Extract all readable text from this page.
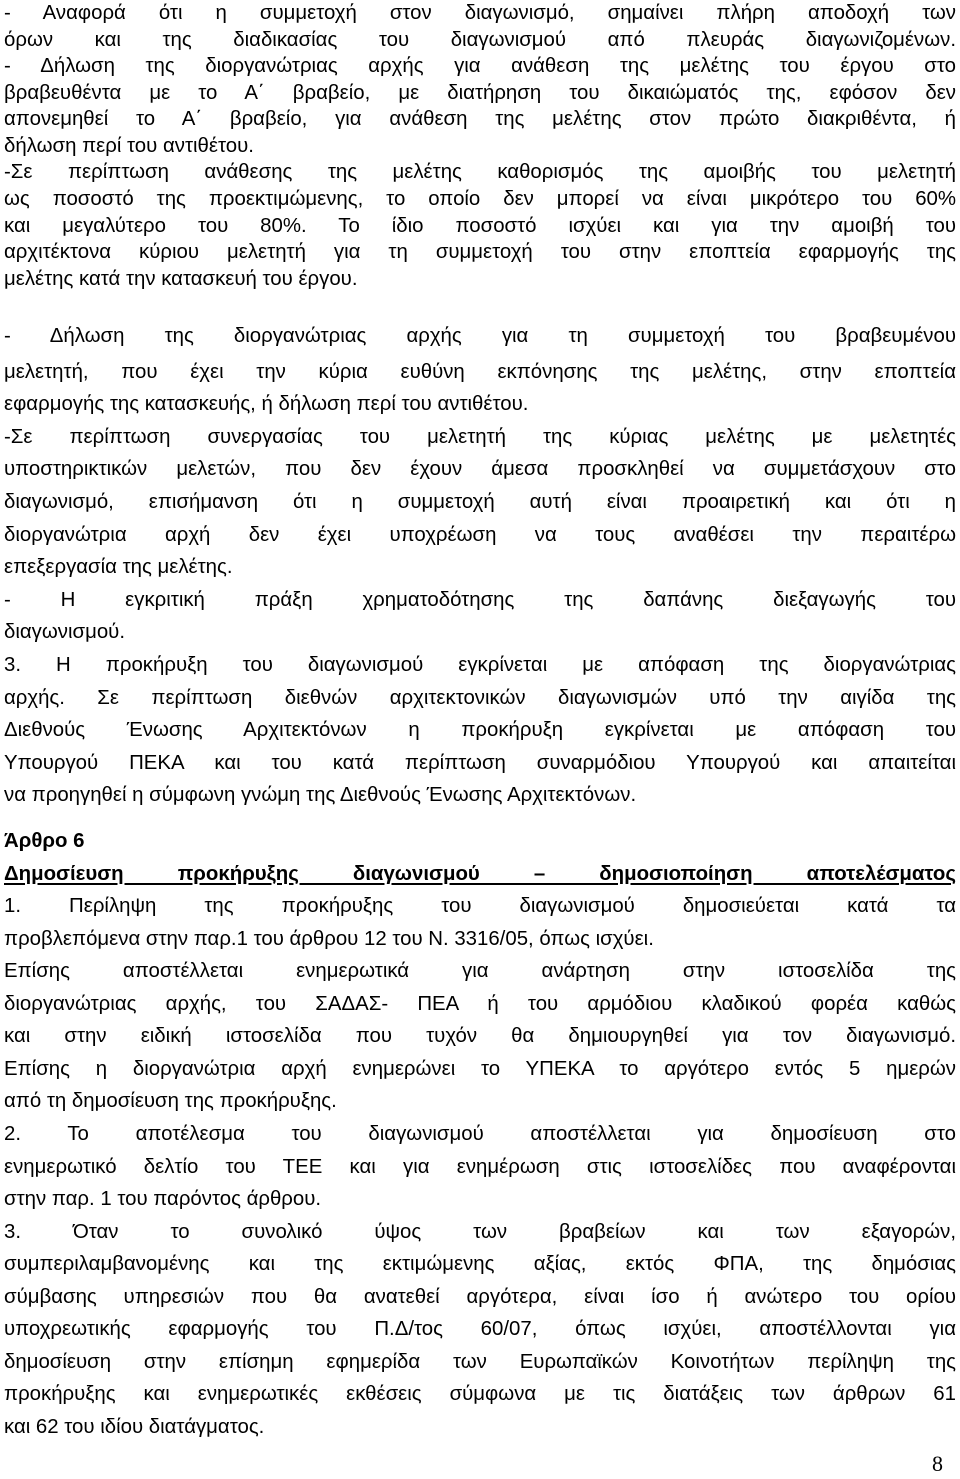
- Αναφορά ότι η συμμετοχή στον διαγωνισμό, σημαίνει πλήρη αποδοχή των
όρων και της διαδικασίας του διαγωνισμού από πλευράς διαγωνιζομένων.
- Δήλωση της διοργανώτριας αρχής για ανάθεση της μελέτης του έργου στο
βραβευθέντα με το Α΄ βραβείο, με διατήρηση του δικαιώματός της, εφόσον δεν
απονεμηθεί το Α΄ βραβείο, για ανάθεση της μελέτης στον πρώτο διακριθέντα, ή
δήλωση περί του αντιθέτου.
-Σε περίπτωση ανάθεσης της μελέτης καθορισμός της αμοιβής του μελετητή
ως ποσοστό της προεκτιμώμενης, το οποίο δεν μπορεί να είναι μικρότερο του 60%
και μεγαλύτερο του 80%. Το ίδιο ποσοστό ισχύει και για την αμοιβή του
αρχιτέκτονα κύριου μελετητή για τη συμμετοχή του στην εποπτεία εφαρμογής της
μελέτης κατά την κατασκευή του έργου.
- Δήλωση της διοργανώτριας αρχής για τη συμμετοχή του βραβευμένου
μελετητή, που έχει την κύρια ευθύνη εκπόνησης της μελέτης, στην εποπτεία
εφαρμογής της κατασκευής, ή δήλωση περί του αντιθέτου.
-Σε περίπτωση συνεργασίας του μελετητή της κύριας μελέτης με μελετητές
υποστηρικτικών μελετών, που δεν έχουν άμεσα προσκληθεί να συμμετάσχουν στο
διαγωνισμό, επισήμανση ότι η συμμετοχή αυτή είναι προαιρετική και ότι η
διοργανώτρια αρχή δεν έχει υποχρέωση να τους αναθέσει την περαιτέρω
επεξεργασία της μελέτης.
- Η εγκριτική πράξη χρηματοδότησης της δαπάνης διεξαγωγής του
διαγωνισμού.
3. Η προκήρυξη του διαγωνισμού εγκρίνεται με απόφαση της διοργανώτριας
αρχής. Σε περίπτωση διεθνών αρχιτεκτονικών διαγωνισμών υπό την αιγίδα της
Διεθνούς Ένωσης Αρχιτεκτόνων η προκήρυξη εγκρίνεται με απόφαση του
Υπουργού ΠΕΚΑ και του κατά περίπτωση συναρμόδιου Υπουργού και απαιτείται
να προηγηθεί η σύμφωνη γνώμη της Διεθνούς Ένωσης Αρχιτεκτόνων.
Άρθρο 6
Δημοσίευση προκήρυξης διαγωνισμού – δημοσιοποίηση αποτελέσματος
1. Περίληψη της προκήρυξης του διαγωνισμού δημοσιεύεται κατά τα
προβλεπόμενα στην παρ.1 του άρθρου 12 του Ν. 3316/05, όπως ισχύει.
Επίσης αποστέλλεται ενημερωτικά για ανάρτηση στην ιστοσελίδα της
διοργανώτριας αρχής, του ΣΑΔΑΣ- ΠΕΑ ή του αρμόδιου κλαδικού φορέα καθώς
και στην ειδική ιστοσελίδα που τυχόν θα δημιουργηθεί για τον διαγωνισμό.
Επίσης η διοργανώτρια αρχή ενημερώνει το ΥΠΕΚΑ το αργότερο εντός 5 ημερών
από τη δημοσίευση της προκήρυξης.
2. Το αποτέλεσμα του διαγωνισμού αποστέλλεται για δημοσίευση στο
ενημερωτικό δελτίο του ΤΕΕ και για ενημέρωση στις ιστοσελίδες που αναφέρονται
στην παρ. 1 του παρόντος άρθρου.
3. Όταν το συνολικό ύψος των βραβείων και των εξαγορών,
συμπεριλαμβανομένης και της εκτιμώμενης αξίας, εκτός ΦΠΑ, της δημόσιας
σύμβασης υπηρεσιών που θα ανατεθεί αργότερα, είναι ίσο ή ανώτερο του ορίου
υποχρεωτικής εφαρμογής του Π.Δ/τος 60/07, όπως ισχύει, αποστέλλονται για
δημοσίευση στην επίσημη εφημερίδα των Ευρωπαϊκών Κοινοτήτων περίληψη της
προκήρυξης και ενημερωτικές εκθέσεις σύμφωνα με τις διατάξεις των άρθρων 61
και 62 του ιδίου διατάγματος.
8
